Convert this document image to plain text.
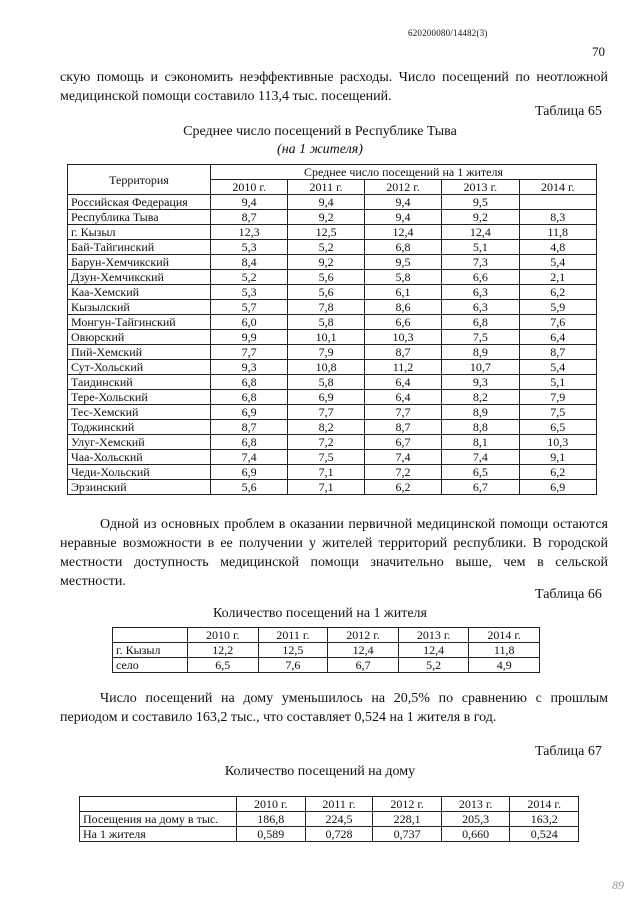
620200080/14482(3)
70

скую помощь и сэкономить неэффективные расходы. Число посещений по неотложной медицинской помощи составило 113,4 тыс. посещений.

Таблица 65
Среднее число посещений в Республике Тыва
(на 1 жителя)
Территория	Среднее число посещений на 1 жителя				
	2010 г.	2011 г.	2012 г.	2013 г.	2014 г.
Российская Федерация	9,4	9,4	9,4	9,5	
Республика Тыва	8,7	9,2	9,4	9,2	8,3
г. Кызыл	12,3	12,5	12,4	12,4	11,8
Бай-Тайгинский	5,3	5,2	6,8	5,1	4,8
Барун-Хемчикский	8,4	9,2	9,5	7,3	5,4
Дзун-Хемчикский	5,2	5,6	5,8	6,6	2,1
Каа-Хемский	5,3	5,6	6,1	6,3	6,2
Кызылский	5,7	7,8	8,6	6,3	5,9
Монгун-Тайгинский	6,0	5,8	6,6	6,8	7,6
Овюрский	9,9	10,1	10,3	7,5	6,4
Пий-Хемский	7,7	7,9	8,7	8,9	8,7
Сут-Хольский	9,3	10,8	11,2	10,7	5,4
Таидинский	6,8	5,8	6,4	9,3	5,1
Тере-Хольский	6,8	6,9	6,4	8,2	7,9
Тес-Хемский	6,9	7,7	7,7	8,9	7,5
Тоджинский	8,7	8,2	8,7	8,8	6,5
Улуг-Хемский	6,8	7,2	6,7	8,1	10,3
Чаа-Хольский	7,4	7,5	7,4	7,4	9,1
Чеди-Хольский	6,9	7,1	7,2	6,5	6,2
Эрзинский	5,6	7,1	6,2	6,7	6,9

Одной из основных проблем в оказании первичной медицинской помощи остаются неравные возможности в ее получении у жителей территорий республики. В городской местности доступность медицинской помощи значительно выше, чем в сельской местности.

Таблица 66
Количество посещений на 1 жителя
	2010 г.	2011 г.	2012 г.	2013 г.	2014 г.
г. Кызыл	12,2	12,5	12,4	12,4	11,8
село	6,5	7,6	6,7	5,2	4,9

Число посещений на дому уменьшилось на 20,5% по сравнению с прошлым периодом и составило 163,2 тыс., что составляет 0,524 на 1 жителя в год.

Таблица 67
Количество посещений на дому
	2010 г.	2011 г.	2012 г.	2013 г.	2014 г.
Посещения на дому в тыс.	186,8	224,5	228,1	205,3	163,2
На 1 жителя	0,589	0,728	0,737	0,660	0,524
89
